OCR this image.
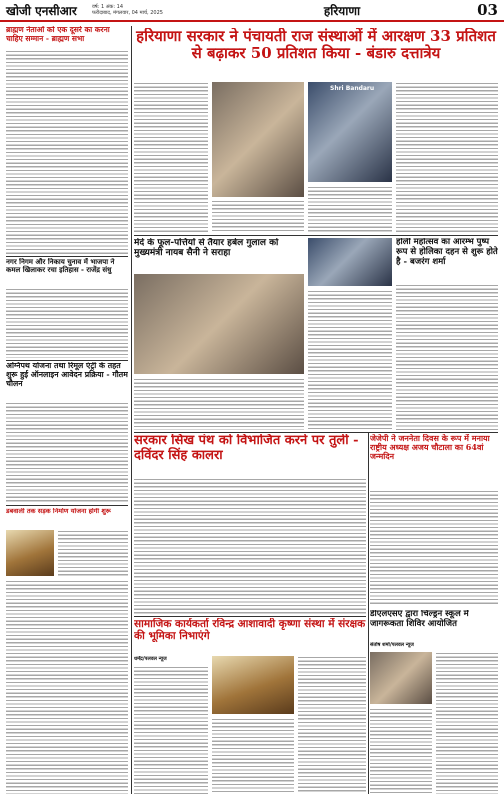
खोजी एनसीआर	वर्ष: 1 अंक: 14
फरीदाबाद, मंगलवार, 04 मार्च, 2025	हरियाणा	03
ब्राह्मण नेताओं को एक दूसरे का करना चाहिए सम्मान - ब्राह्मण सभा	हरियाणा सरकार ने पंचायती राज संस्थाओं में आरक्षण 33 प्रतिशत से बढ़ाकर 50 प्रतिशत किया - बंडारु दत्तात्रेय
Shri Bandaru
नगर निगम और निकाय चुनाव में भाजपा ने कमल खिलाकर रचा इतिहास - राजेंद्र संधु
अग्निपथ योजना तथा रिमूल एंट्री के तहत शुरू हुई ऑनलाइन आवेदन प्रक्रिया - गौतम चौलन
डबवाली तक सड़क निर्माण योजना होगी शुरू
मेदे के फूल-पत्तियों से तैयार हर्बल गुलाल को मुख्यमंत्री नायब सैनी ने सराहा
होली महोत्सव का आरम्भ पुष्प रूप से होलिका दहन से शुरू होते है - बजरंग शर्मा
सरकार सिख पंथ को विभाजित करने पर तुली - दविंदर सिंह कालरा
जेजेपी ने जननेता दिवस के रूप में मनाया राष्ट्रीय अध्यक्ष अजय चौटाला का 64वां जन्मदिन
सामाजिक कार्यकर्ता रविन्द्र आशावादी कृष्णा संस्था में संरक्षक की भूमिका निभाएंगे
धर्मेंद्र/पलवल न्यूज
डीएलएसए द्वारा चिल्ड्रन स्कूल में जागरूकता शिविर आयोजित
संतोष शर्मा/पलवल न्यूज
